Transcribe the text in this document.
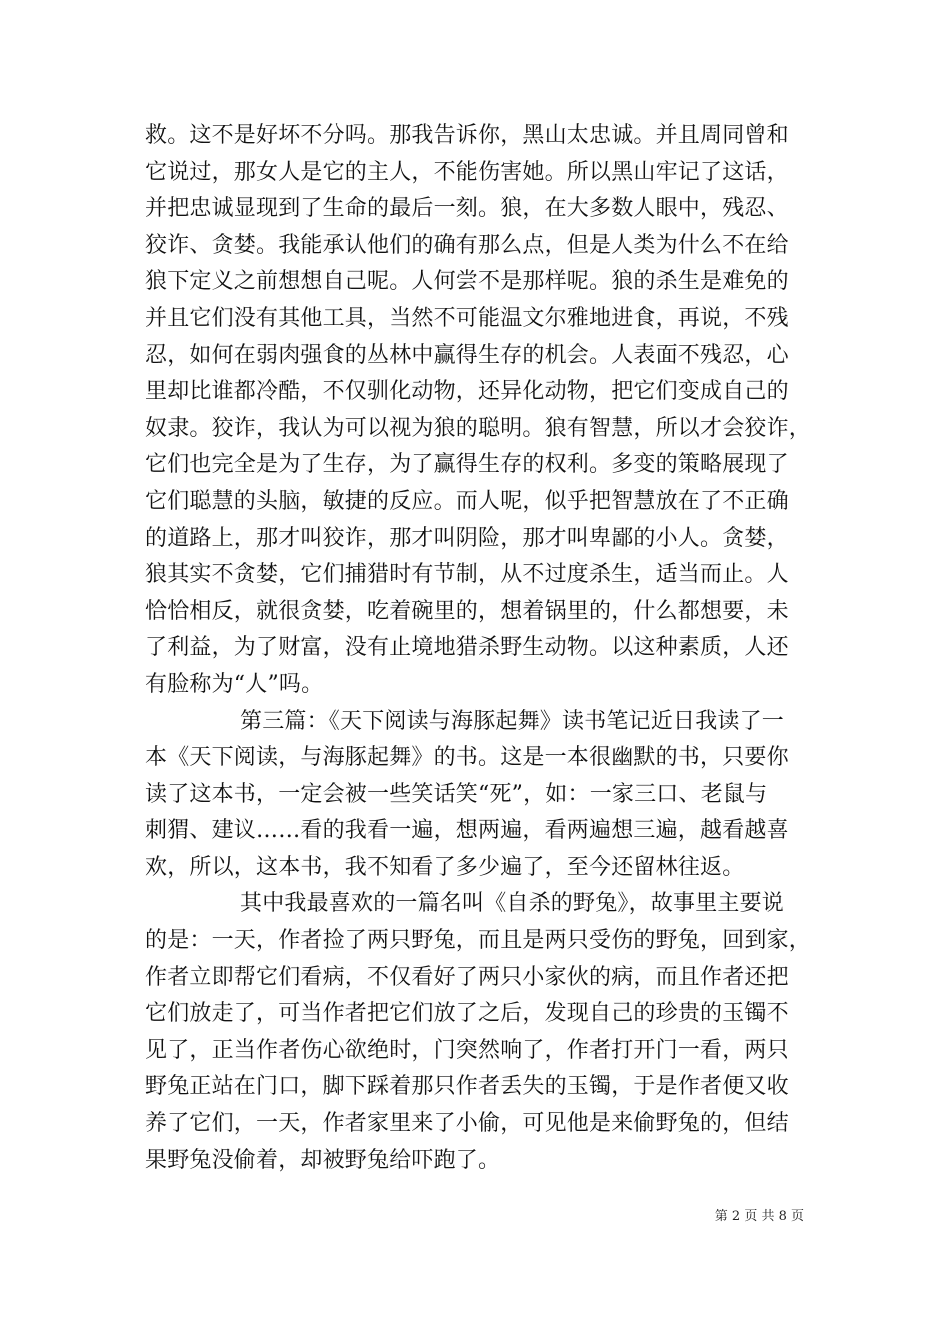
救。这不是好坏不分吗。那我告诉你，黑山太忠诚。并且周同曾和
它说过，那女人是它的主人，不能伤害她。所以黑山牢记了这话，
并把忠诚显现到了生命的最后一刻。狼，在大多数人眼中，残忍、
狡诈、贪婪。我能承认他们的确有那么点，但是人类为什么不在给
狼下定义之前想想自己呢。人何尝不是那样呢。狼的杀生是难免的
并且它们没有其他工具，当然不可能温文尔雅地进食，再说，不残
忍，如何在弱肉强食的丛林中赢得生存的机会。人表面不残忍，心
里却比谁都冷酷，不仅驯化动物，还异化动物，把它们变成自己的
奴隶。狡诈，我认为可以视为狼的聪明。狼有智慧，所以才会狡诈，
它们也完全是为了生存，为了赢得生存的权利。多变的策略展现了
它们聪慧的头脑，敏捷的反应。而人呢，似乎把智慧放在了不正确
的道路上，那才叫狡诈，那才叫阴险，那才叫卑鄙的小人。贪婪，
狼其实不贪婪，它们捕猎时有节制，从不过度杀生，适当而止。人
恰恰相反，就很贪婪，吃着碗里的，想着锅里的，什么都想要，未
了利益，为了财富，没有止境地猎杀野生动物。以这种素质，人还
有脸称为“人”吗。
第三篇：《天下阅读与海豚起舞》读书笔记近日我读了一
本《天下阅读，与海豚起舞》的书。这是一本很幽默的书，只要你
读了这本书，一定会被一些笑话笑“死”，如：一家三口、老鼠与
刺猬、建议……看的我看一遍，想两遍，看两遍想三遍，越看越喜
欢，所以，这本书，我不知看了多少遍了，至今还留林往返。
其中我最喜欢的一篇名叫《自杀的野兔》，故事里主要说
的是：一天，作者捡了两只野兔，而且是两只受伤的野兔，回到家，
作者立即帮它们看病，不仅看好了两只小家伙的病，而且作者还把
它们放走了，可当作者把它们放了之后，发现自己的珍贵的玉镯不
见了，正当作者伤心欲绝时，门突然响了，作者打开门一看，两只
野兔正站在门口，脚下踩着那只作者丢失的玉镯，于是作者便又收
养了它们，一天，作者家里来了小偷，可见他是来偷野兔的，但结
果野兔没偷着，却被野兔给吓跑了。
第 2 页 共 8 页
